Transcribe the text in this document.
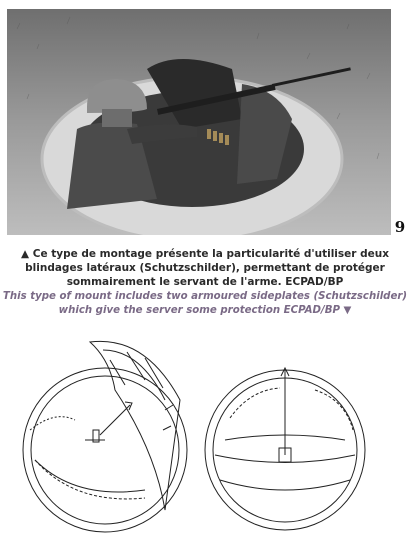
9
▲ Ce type de montage présente la particularité d'utiliser deux
blindages latéraux (Schutzschilder), permettant de protéger
sommairement le servant de l'arme. ECPAD/BP
This type of mount includes two armoured sideplates (Schutzschilder)
which give the server some protection ECPAD/BP ▼
